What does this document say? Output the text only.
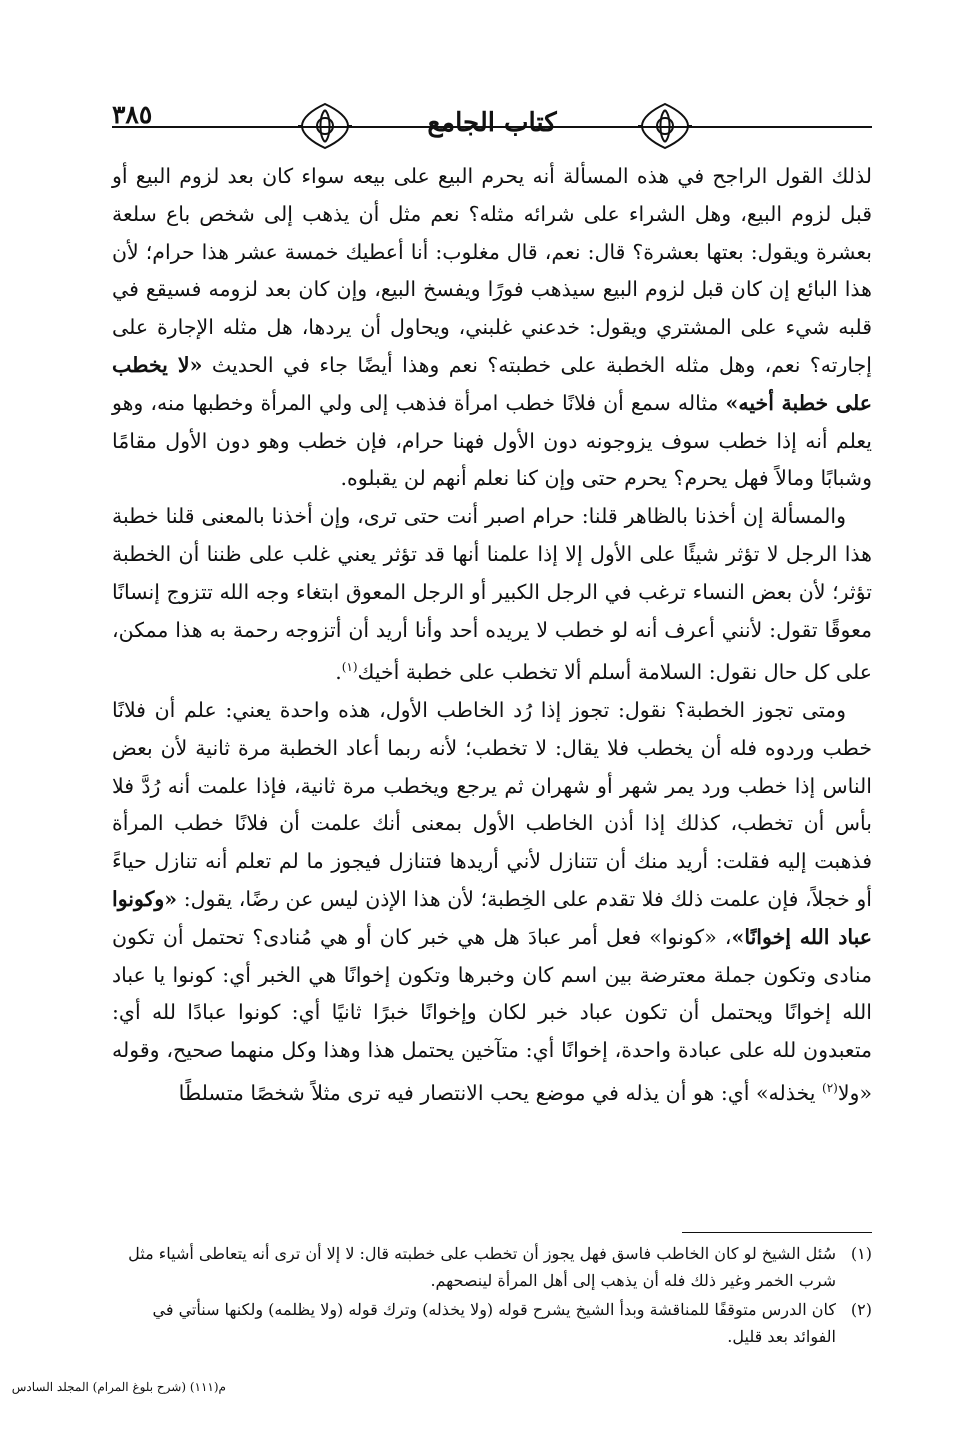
٣٨٥	كتاب الجامع

لذلك القول الراجح في هذه المسألة أنه يحرم البيع على بيعه سواء كان بعد لزوم البيع أو قبل لزوم البيع، وهل الشراء على شرائه مثله؟ نعم مثل أن يذهب إلى شخص باع سلعة بعشرة ويقول: بعتها بعشرة؟ قال: نعم، قال مغلوب: أنا أعطيك خمسة عشر هذا حرام؛ لأن هذا البائع إن كان قبل لزوم البيع سيذهب فورًا ويفسخ البيع، وإن كان بعد لزومه فسيقع في قلبه شيء على المشتري ويقول: خدعني غلبني، ويحاول أن يردها، هل مثله الإجارة على إجارته؟ نعم، وهل مثله الخطبة على خطبته؟ نعم وهذا أيضًا جاء في الحديث «لا يخطب على خطبة أخيه» مثاله سمع أن فلانًا خطب امرأة فذهب إلى ولي المرأة وخطبها منه، وهو يعلم أنه إذا خطب سوف يزوجونه دون الأول فهنا حرام، فإن خطب وهو دون الأول مقامًا وشبابًا ومالاً فهل يحرم؟ يحرم حتى وإن كنا نعلم أنهم لن يقبلوه.

والمسألة إن أخذنا بالظاهر قلنا: حرام اصبر أنت حتى ترى، وإن أخذنا بالمعنى قلنا خطبة هذا الرجل لا تؤثر شيئًا على الأول إلا إذا علمنا أنها قد تؤثر يعني غلب على ظننا أن الخطبة تؤثر؛ لأن بعض النساء ترغب في الرجل الكبير أو الرجل المعوق ابتغاء وجه الله تتزوج إنسانًا معوقًا تقول: لأنني أعرف أنه لو خطب لا يريده أحد وأنا أريد أن أتزوجه رحمة به هذا ممكن، على كل حال نقول: السلامة أسلم ألا تخطب على خطبة أخيك$^{(١)}$.

ومتى تجوز الخطبة؟ نقول: تجوز إذا رُد الخاطب الأول، هذه واحدة يعني: علم أن فلانًا خطب وردوه فله أن يخطب فلا يقال: لا تخطب؛ لأنه ربما أعاد الخطبة مرة ثانية لأن بعض الناس إذا خطب ورد يمر شهر أو شهران ثم يرجع ويخطب مرة ثانية، فإذا علمت أنه رُدَّ فلا بأس أن تخطب، كذلك إذا أذن الخاطب الأول بمعنى أنك علمت أن فلانًا خطب المرأة فذهبت إليه فقلت: أريد منك أن تتنازل لأني أريدها فتنازل فيجوز ما لم تعلم أنه تنازل حياءً أو خجلاً، فإن علمت ذلك فلا تقدم على الخِطبة؛ لأن هذا الإذن ليس عن رضًا، يقول: «وكونوا عباد الله إخوانًا»، «كونوا» فعل أمر عبادَ هل هي خبر كان أو هي مُنادى؟ تحتمل أن تكون منادى وتكون جملة معترضة بين اسم كان وخبرها وتكون إخوانًا هي الخبر أي: كونوا يا عباد الله إخوانًا ويحتمل أن تكون عباد خبر لكان وإخوانًا خبرًا ثانيًا أي: كونوا عبادًا لله أي: متعبدون لله على عبادة واحدة، إخوانًا أي: متآخين يحتمل هذا وهذا وكل منهما صحيح، وقوله «ولا$^{(٢)}$ يخذله» أي: هو أن يذله في موضع يحب الانتصار فيه ترى مثلاً شخصًا متسلطًا

(١)سُئل الشيخ لو كان الخاطب فاسق فهل يجوز أن تخطب على خطبته قال: لا إلا أن ترى أنه يتعاطى أشياء مثل شرب الخمر وغير ذلك فله أن يذهب إلى أهل المرأة لينصحهم.

(٢)كان الدرس متوقفًا للمناقشة وبدأ الشيخ يشرح قوله (ولا يخذله) وترك قوله (ولا يظلمه) ولكنها سنأتي في الفوائد بعد قليل.

م(١١١) (شرح بلوغ المرام) المجلد السادس
